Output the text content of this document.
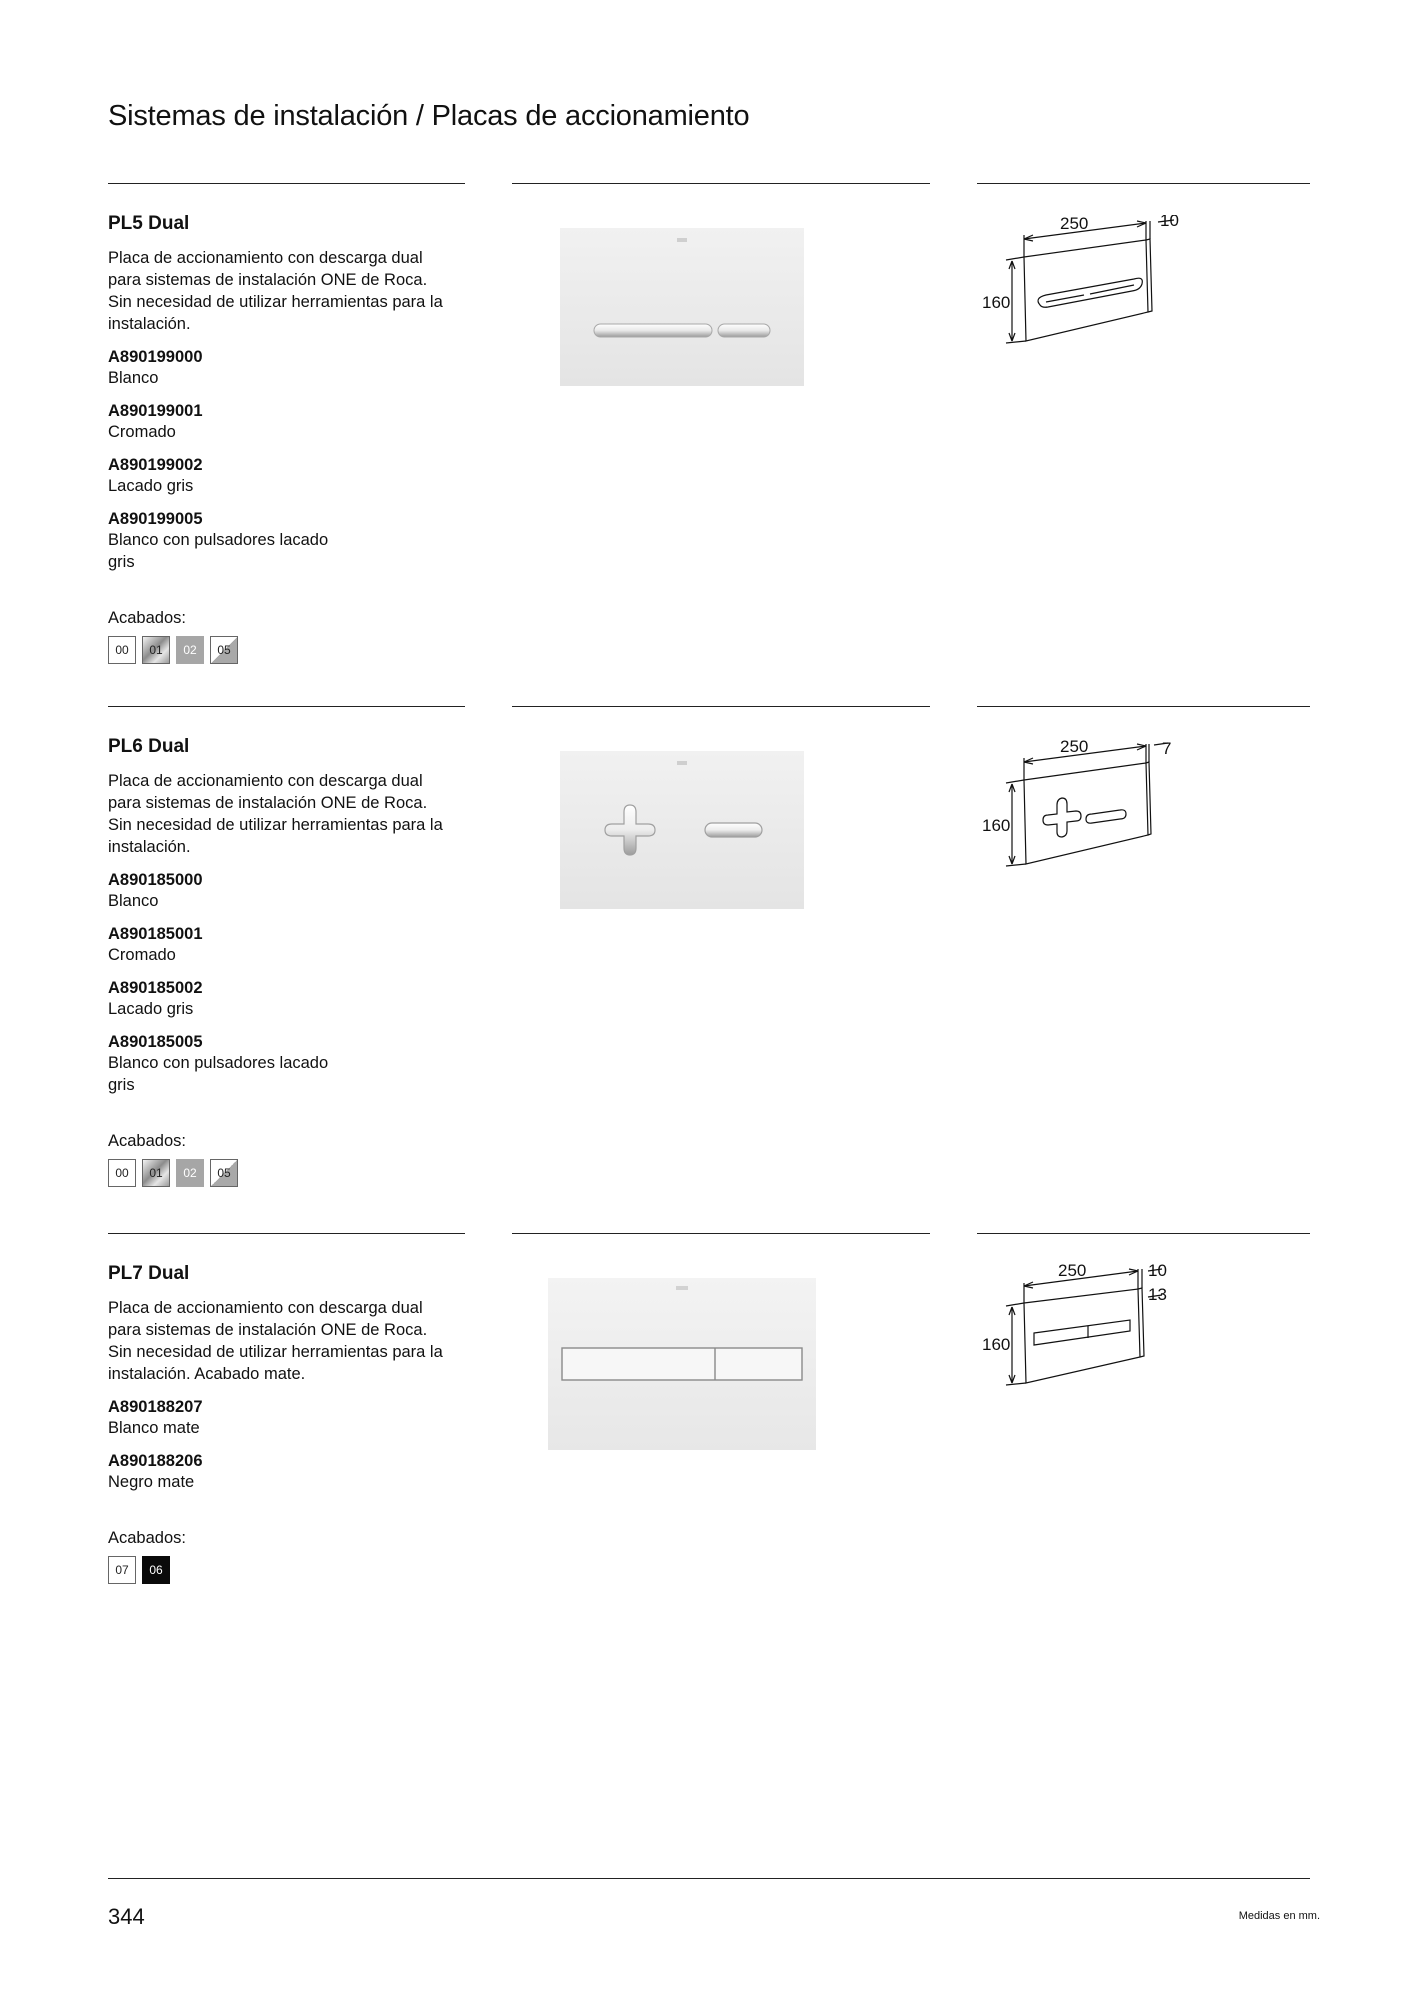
Sistemas de instalación / Placas de accionamiento
PL5 Dual

Placa de accionamiento con descarga dual
para sistemas de instalación ONE de Roca.
Sin necesidad de utilizar herramientas para la
instalación.

A890199000
Blanco
A890199001
Cromado
A890199002
Lacado gris
A890199005
Blanco con pulsadores lacado
gris
Acabados:
00 01 02 05
250	10
160
PL6 Dual

Placa de accionamiento con descarga dual
para sistemas de instalación ONE de Roca.
Sin necesidad de utilizar herramientas para la
instalación.

A890185000
Blanco
A890185001
Cromado
A890185002
Lacado gris
A890185005
Blanco con pulsadores lacado
gris
Acabados:
00 01 02 05
250	7
160
PL7 Dual

Placa de accionamiento con descarga dual
para sistemas de instalación ONE de Roca.
Sin necesidad de utilizar herramientas para la
instalación. Acabado mate.

A890188207
Blanco mate
A890188206
Negro mate
Acabados:
07 06
250	10
13
160
344	Medidas en mm.
